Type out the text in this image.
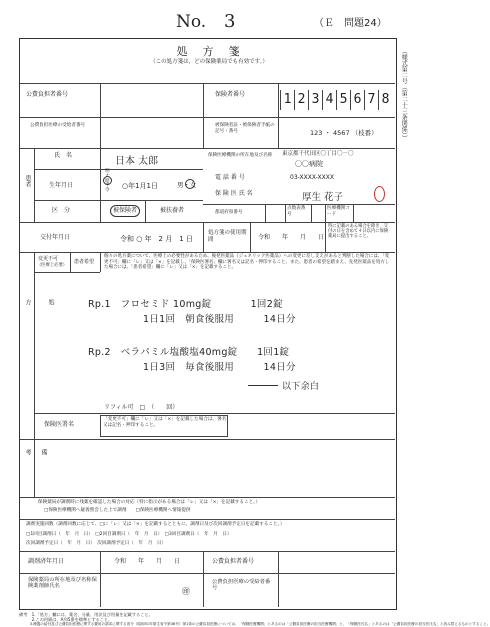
No. 3	（Ｅ　問題24）
（様式第二号（第二十三条関係））
処　方　箋
（この処方箋は，どの保険薬局でも有効です。）
公費負担者番号	保険者番号	1 2 3 4 5 6 7 8
公費負担医療の受給者番号	被保険者証・被保険者手帳の記号・番号	123 ・ 4567 （枝番）
患者
氏　名
日本 太郎
生年月日
明
大
昭
平
令
○年1月1日	男・女
区　分	被保険者	被扶養者
保険医療機関の所在地及び名称	東京都千代田区〇丁目〇－〇
〇〇病院
電 話 番 号	03-XXXX-XXXX
保 険 医 氏 名	厚生 花子
都道府県番号
点数表番号
医療機関コード
交付年月日	令和 ○ 年　2 月　1 日
処方箋の使用期間	令和　　年　　月　　日
特に記載のある場合を除き、交付の日を含めて４日以内に保険薬局に提出すること。
処

方
変更不可
（医療上必要）
患者希望
個々の処方薬について、医療上の必要性があるため、後発医薬品（ジェネリック医薬品）への変更に差し支えがあると判断した場合には、「変更不可」欄に「レ」又は「×」を記載し、「保険医署名」欄に署名又は記名・押印すること。また、患者の希望を踏まえ、先発医薬品を処方した場合には、「患者希望」欄に「レ」又は「×」を記載すること。
Rp.1　フロセミド 10mg錠　　　　1回2錠
1日1回　朝食後服用　　　14日分
Rp.2　ベラパミル塩酸塩40mg錠　　1回1錠
1日3回　毎食後服用　　　14日分
以下余白
リフィル可　□　（　　回）
保険医署名
「変更不可」欄に「レ」又は「×」を記載した場合は、署名又は記名・押印すること。
備

考
保険薬局が調剤時に残薬を確認した場合の対応（特に指示がある場合は「レ」又は「×」を記載すること。）
□保険医療機関へ疑義照会した上で調剤　　□保険医療機関へ情報提供
調剤実施回数（調剤回数に応じて、□に「レ」又は「×」を記載するとともに、調剤日及び次回調剤予定日を記載すること。）
□1回目調剤日（　年　月　日）　□2回目調剤日（　年　月　日）　□3回目調剤日（　年　月　日）
次回調剤予定日（　年　月　日）　次回調剤予定日（　年　月　日）
調剤済年月日	令和　　年　　月　　日	公費負担者番号
保険薬局の所在地及び名称保険薬剤師氏名
㊞
公費負担医療の受給者番号
備考　1.「処方」欄には、薬名、分量、用法及び用量を記載すること。
　　　2.この用紙は、A列5番を標準とすること。
　　　3.療養の給付及び公費負担医療に関する費用の請求に関する省令（昭和51年厚生省令第36号）第1条の公費負担医療については、「保険医療機関」とあるのは「公費負担医療の担当医療機関」と、「保険医氏名」とあるのは「公費負担医療の担当医氏名」と読み替えるものとすること。
